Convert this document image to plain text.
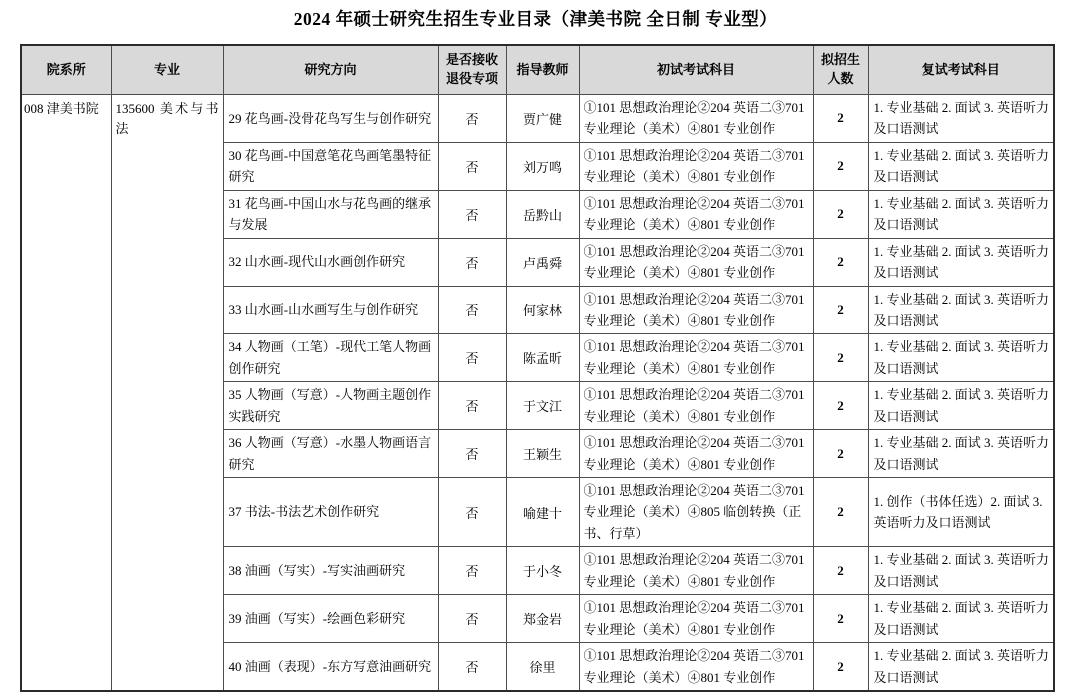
2024 年硕士研究生招生专业目录（津美书院 全日制 专业型）
院系所	专业	研究方向	是否接收退役专项	指导教师	初试考试科目	拟招生人数	复试考试科目
008 津美书院	135600 美术与书法	29 花鸟画-没骨花鸟写生与创作研究	否	贾广健	①101 思想政治理论②204 英语二③701 专业理论（美术）④801 专业创作	2	1. 专业基础 2. 面试 3. 英语听力及口语测试
		30 花鸟画-中国意笔花鸟画笔墨特征研究	否	刘万鸣	①101 思想政治理论②204 英语二③701 专业理论（美术）④801 专业创作	2	1. 专业基础 2. 面试 3. 英语听力及口语测试
		31 花鸟画-中国山水与花鸟画的继承与发展	否	岳黔山	①101 思想政治理论②204 英语二③701 专业理论（美术）④801 专业创作	2	1. 专业基础 2. 面试 3. 英语听力及口语测试
		32 山水画-现代山水画创作研究	否	卢禹舜	①101 思想政治理论②204 英语二③701 专业理论（美术）④801 专业创作	2	1. 专业基础 2. 面试 3. 英语听力及口语测试
		33 山水画-山水画写生与创作研究	否	何家林	①101 思想政治理论②204 英语二③701 专业理论（美术）④801 专业创作	2	1. 专业基础 2. 面试 3. 英语听力及口语测试
		34 人物画（工笔）-现代工笔人物画创作研究	否	陈孟昕	①101 思想政治理论②204 英语二③701 专业理论（美术）④801 专业创作	2	1. 专业基础 2. 面试 3. 英语听力及口语测试
		35 人物画（写意）-人物画主题创作实践研究	否	于文江	①101 思想政治理论②204 英语二③701 专业理论（美术）④801 专业创作	2	1. 专业基础 2. 面试 3. 英语听力及口语测试
		36 人物画（写意）-水墨人物画语言研究	否	王颖生	①101 思想政治理论②204 英语二③701 专业理论（美术）④801 专业创作	2	1. 专业基础 2. 面试 3. 英语听力及口语测试
		37 书法-书法艺术创作研究	否	喻建十	①101 思想政治理论②204 英语二③701 专业理论（美术）④805 临创转换（正书、行草）	2	1. 创作（书体任选）2. 面试 3. 英语听力及口语测试
		38 油画（写实）-写实油画研究	否	于小冬	①101 思想政治理论②204 英语二③701 专业理论（美术）④801 专业创作	2	1. 专业基础 2. 面试 3. 英语听力及口语测试
		39 油画（写实）-绘画色彩研究	否	郑金岩	①101 思想政治理论②204 英语二③701 专业理论（美术）④801 专业创作	2	1. 专业基础 2. 面试 3. 英语听力及口语测试
		40 油画（表现）-东方写意油画研究	否	徐里	①101 思想政治理论②204 英语二③701 专业理论（美术）④801 专业创作	2	1. 专业基础 2. 面试 3. 英语听力及口语测试
